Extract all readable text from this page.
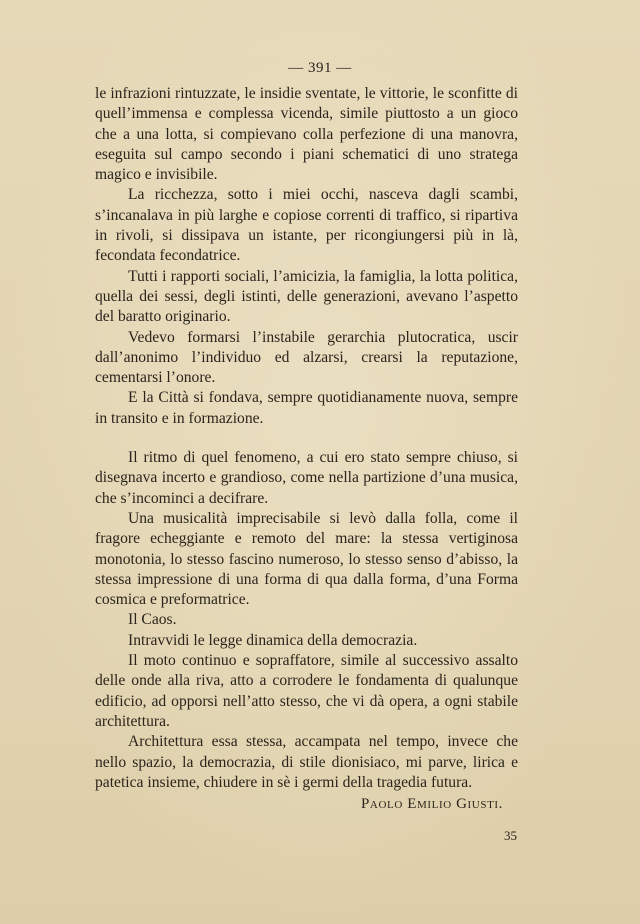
— 391 —

le infrazioni rintuzzate, le insidie sventate, le vittorie, le sconfitte di quell’immensa e complessa vicenda, simile piuttosto a un gioco che a una lotta, si compievano colla perfezione di una manovra, eseguita sul campo secondo i piani schematici di uno stratega magico e invisibile.

La ricchezza, sotto i miei occhi, nasceva dagli scambi, s’incanalava in più larghe e copiose correnti di traffico, si ripartiva in rivoli, si dissipava un istante, per ricongiungersi più in là, fecondata fecondatrice.

Tutti i rapporti sociali, l’amicizia, la famiglia, la lotta politica, quella dei sessi, degli istinti, delle generazioni, avevano l’aspetto del baratto originario.

Vedevo formarsi l’instabile gerarchia plutocratica, uscir dall’anonimo l’individuo ed alzarsi, crearsi la reputazione, cementarsi l’onore.

E la Città si fondava, sempre quotidianamente nuova, sempre in transito e in formazione.

Il ritmo di quel fenomeno, a cui ero stato sempre chiuso, si disegnava incerto e grandioso, come nella partizione d’una musica, che s’incominci a decifrare.

Una musicalità imprecisabile si levò dalla folla, come il fragore echeggiante e remoto del mare: la stessa vertiginosa monotonia, lo stesso fascino numeroso, lo stesso senso d’abisso, la stessa impressione di una forma di qua dalla forma, d’una Forma cosmica e preformatrice.

Il Caos.

Intravvidi le legge dinamica della democrazia.

Il moto continuo e sopraffatore, simile al successivo assalto delle onde alla riva, atto a corrodere le fondamenta di qualunque edificio, ad opporsi nell’atto stesso, che vi dà opera, a ogni stabile architettura.

Architettura essa stessa, accampata nel tempo, invece che nello spazio, la democrazia, di stile dionisiaco, mi parve, lirica e patetica insieme, chiudere in sè i germi della tragedia futura.

Paolo Emilio Giusti.
35
